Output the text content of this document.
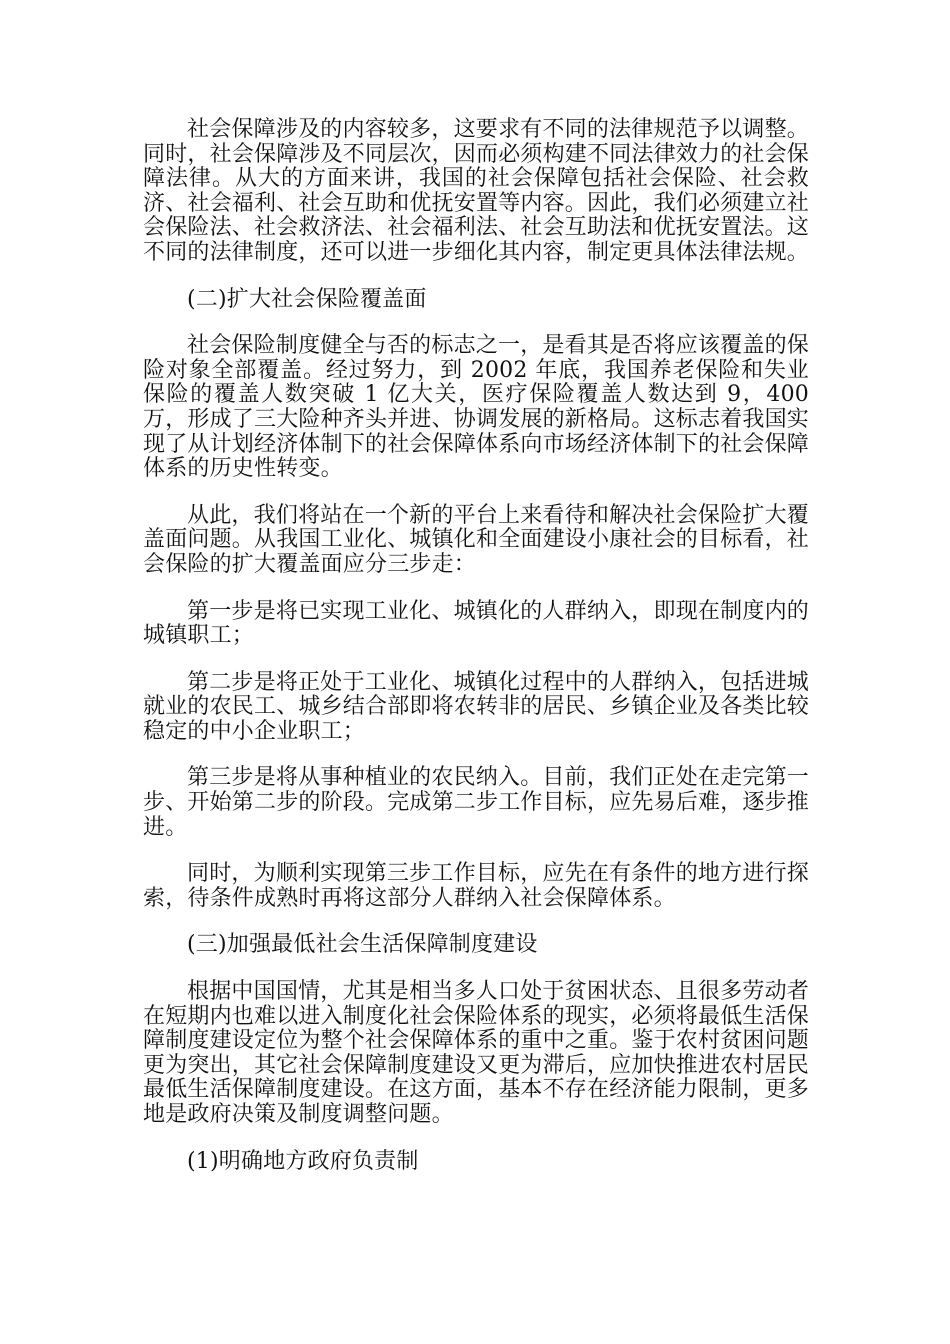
社会保障涉及的内容较多，这要求有不同的法律规范予以调整。同时，社会保障涉及不同层次，因而必须构建不同法律效力的社会保障法律。从大的方面来讲，我国的社会保障包括社会保险、社会救济、社会福利、社会互助和优抚安置等内容。因此，我们必须建立社会保险法、社会救济法、社会福利法、社会互助法和优抚安置法。这不同的法律制度，还可以进一步细化其内容，制定更具体法律法规。

(二)扩大社会保险覆盖面

社会保险制度健全与否的标志之一，是看其是否将应该覆盖的保险对象全部覆盖。经过努力，到 2002 年底，我国养老保险和失业保险的覆盖人数突破 1 亿大关，医疗保险覆盖人数达到 9，400 万，形成了三大险种齐头并进、协调发展的新格局。这标志着我国实现了从计划经济体制下的社会保障体系向市场经济体制下的社会保障体系的历史性转变。

从此，我们将站在一个新的平台上来看待和解决社会保险扩大覆盖面问题。从我国工业化、城镇化和全面建设小康社会的目标看，社会保险的扩大覆盖面应分三步走：

第一步是将已实现工业化、城镇化的人群纳入，即现在制度内的城镇职工；

第二步是将正处于工业化、城镇化过程中的人群纳入，包括进城就业的农民工、城乡结合部即将农转非的居民、乡镇企业及各类比较稳定的中小企业职工；

第三步是将从事种植业的农民纳入。目前，我们正处在走完第一步、开始第二步的阶段。完成第二步工作目标，应先易后难，逐步推进。

同时，为顺利实现第三步工作目标，应先在有条件的地方进行探索，待条件成熟时再将这部分人群纳入社会保障体系。

(三)加强最低社会生活保障制度建设

根据中国国情，尤其是相当多人口处于贫困状态、且很多劳动者在短期内也难以进入制度化社会保险体系的现实，必须将最低生活保障制度建设定位为整个社会保障体系的重中之重。鉴于农村贫困问题更为突出，其它社会保障制度建设又更为滞后，应加快推进农村居民最低生活保障制度建设。在这方面，基本不存在经济能力限制，更多地是政府决策及制度调整问题。

(1)明确地方政府负责制
